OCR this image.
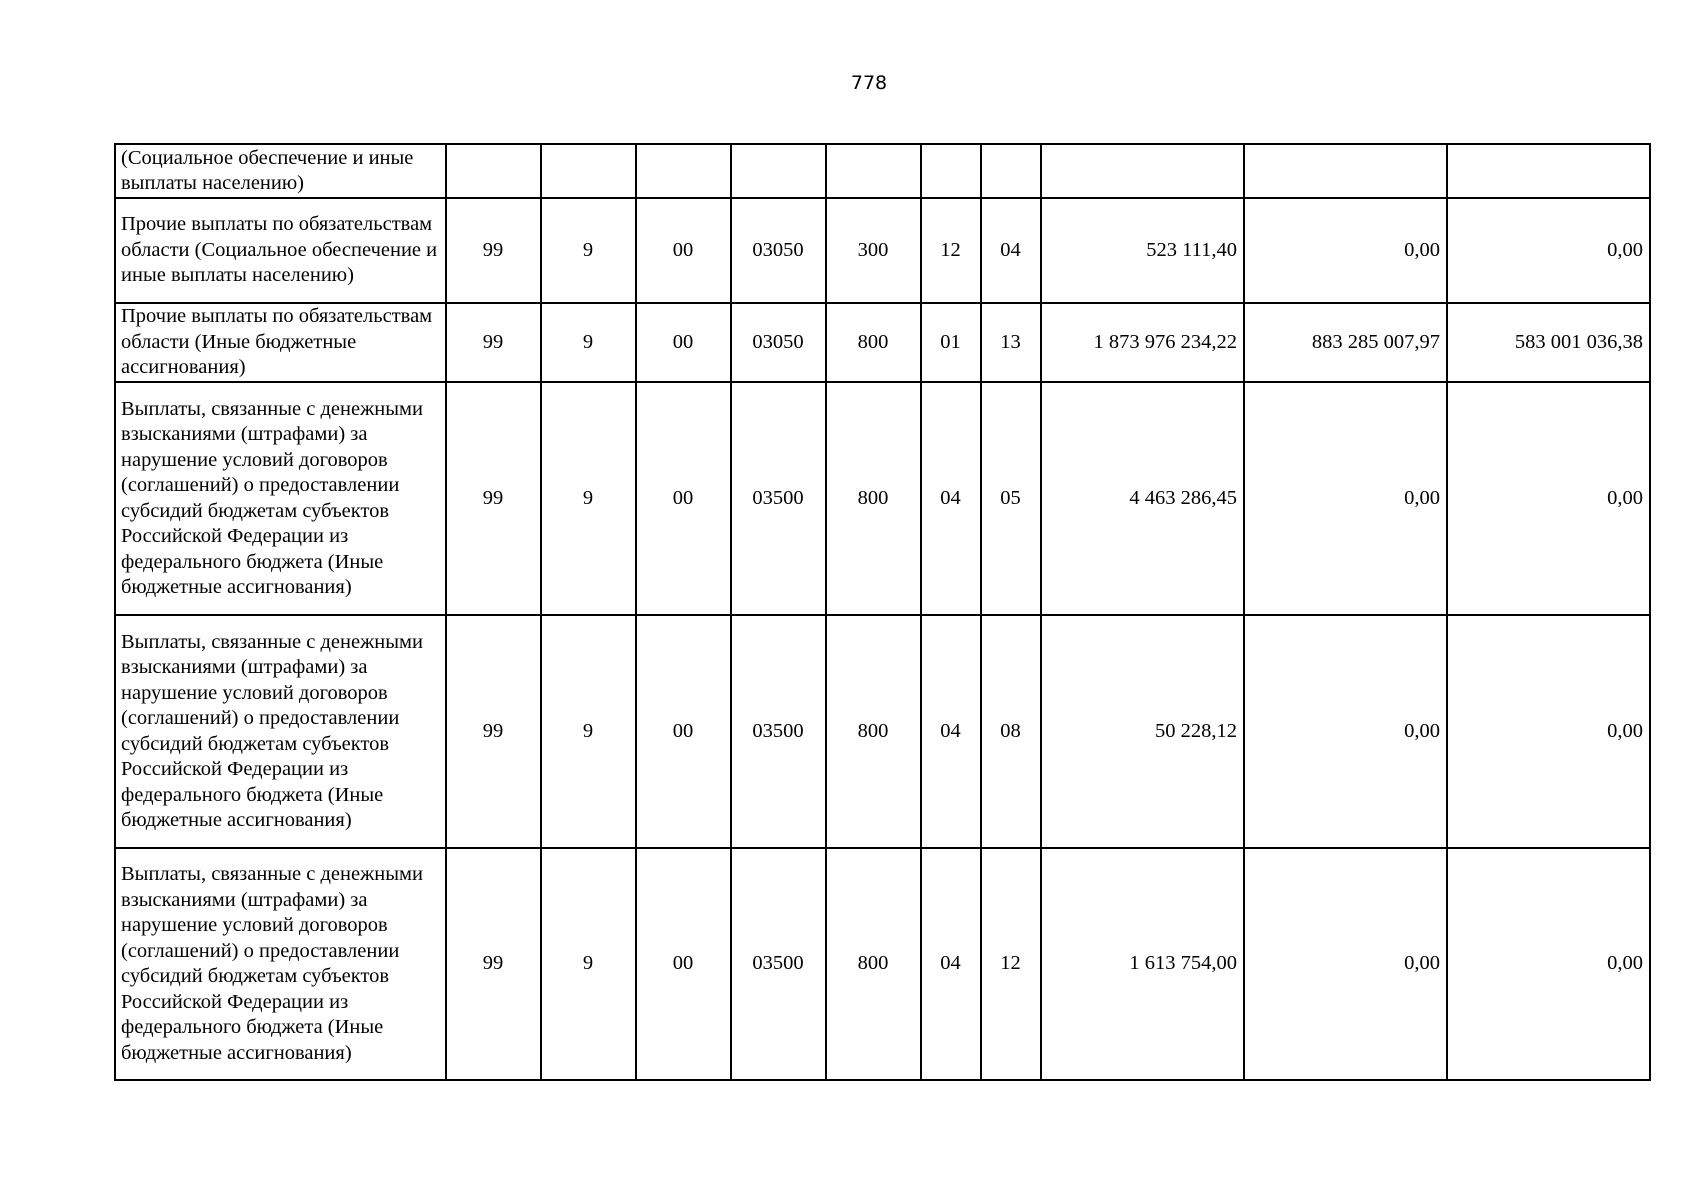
778
(Социальное обеспечение и иные выплаты населению)										
Прочие выплаты по обязательствам области (Социальное обеспечение и иные выплаты населению)	99	9	00	03050	300	12	04	523 111,40	0,00	0,00
Прочие выплаты по обязательствам области (Иные бюджетные ассигнования)	99	9	00	03050	800	01	13	1 873 976 234,22	883 285 007,97	583 001 036,38
Выплаты, связанные с денежными взысканиями (штрафами) за нарушение условий договоров (соглашений) о предоставлении субсидий бюджетам субъектов Российской Федерации из федерального бюджета (Иные бюджетные ассигнования)	99	9	00	03500	800	04	05	4 463 286,45	0,00	0,00
Выплаты, связанные с денежными взысканиями (штрафами) за нарушение условий договоров (соглашений) о предоставлении субсидий бюджетам субъектов Российской Федерации из федерального бюджета (Иные бюджетные ассигнования)	99	9	00	03500	800	04	08	50 228,12	0,00	0,00
Выплаты, связанные с денежными взысканиями (штрафами) за нарушение условий договоров (соглашений) о предоставлении субсидий бюджетам субъектов Российской Федерации из федерального бюджета (Иные бюджетные ассигнования)	99	9	00	03500	800	04	12	1 613 754,00	0,00	0,00
